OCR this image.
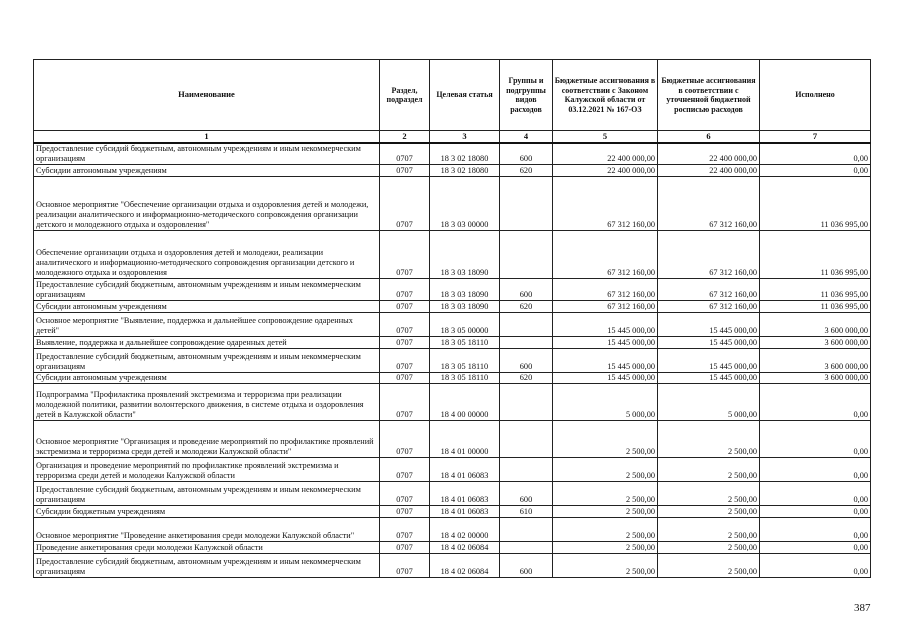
Наименование	Раздел, подраздел	Целевая статья	Группы и подгруппы видов расходов	Бюджетные ассигнования в соответствии с Законом Калужской области от 03.12.2021 № 167-ОЗ	Бюджетные ассигнования в соответствии с уточненной бюджетной росписью расходов	Исполнено
1	2	3	4	5	6	7
Предоставление субсидий бюджетным, автономным учреждениям и иным некоммерческим организациям	0707	18 3 02 18080	600	22 400 000,00	22 400 000,00	0,00
Субсидии автономным учреждениям	0707	18 3 02 18080	620	22 400 000,00	22 400 000,00	0,00
Основное мероприятие "Обеспечение организации отдыха и оздоровления детей и молодежи, реализации аналитического и информационно-методического сопровождения организации детского и молодежного отдыха и оздоровления"	0707	18 3 03 00000		67 312 160,00	67 312 160,00	11 036 995,00
Обеспечение организации отдыха и оздоровления детей и молодежи, реализации аналитического и информационно-методического сопровождения организации детского и молодежного отдыха и оздоровления	0707	18 3 03 18090		67 312 160,00	67 312 160,00	11 036 995,00
Предоставление субсидий бюджетным, автономным учреждениям и иным некоммерческим организациям	0707	18 3 03 18090	600	67 312 160,00	67 312 160,00	11 036 995,00
Субсидии автономным учреждениям	0707	18 3 03 18090	620	67 312 160,00	67 312 160,00	11 036 995,00
Основное мероприятие "Выявление, поддержка и дальнейшее сопровождение одаренных детей"	0707	18 3 05 00000		15 445 000,00	15 445 000,00	3 600 000,00
Выявление, поддержка и дальнейшее сопровождение одаренных детей	0707	18 3 05 18110		15 445 000,00	15 445 000,00	3 600 000,00
Предоставление субсидий бюджетным, автономным учреждениям и иным некоммерческим организациям	0707	18 3 05 18110	600	15 445 000,00	15 445 000,00	3 600 000,00
Субсидии автономным учреждениям	0707	18 3 05 18110	620	15 445 000,00	15 445 000,00	3 600 000,00
Подпрограмма "Профилактика проявлений экстремизма и терроризма при реализации молодежной политики, развитии волонтерского движения, в системе отдыха и оздоровления детей в Калужской области"	0707	18 4 00 00000		5 000,00	5 000,00	0,00
Основное мероприятие "Организация и проведение мероприятий по профилактике проявлений экстремизма и терроризма среди детей и молодежи Калужской области"	0707	18 4 01 00000		2 500,00	2 500,00	0,00
Организация и проведение мероприятий по профилактике проявлений экстремизма и терроризма среди детей и молодежи Калужской области	0707	18 4 01 06083		2 500,00	2 500,00	0,00
Предоставление субсидий бюджетным, автономным учреждениям и иным некоммерческим организациям	0707	18 4 01 06083	600	2 500,00	2 500,00	0,00
Субсидии бюджетным учреждениям	0707	18 4 01 06083	610	2 500,00	2 500,00	0,00
Основное мероприятие "Проведение анкетирования среди молодежи Калужской области"	0707	18 4 02 00000		2 500,00	2 500,00	0,00
Проведение анкетирования среди молодежи Калужской области	0707	18 4 02 06084		2 500,00	2 500,00	0,00
Предоставление субсидий бюджетным, автономным учреждениям и иным некоммерческим организациям	0707	18 4 02 06084	600	2 500,00	2 500,00	0,00
387
